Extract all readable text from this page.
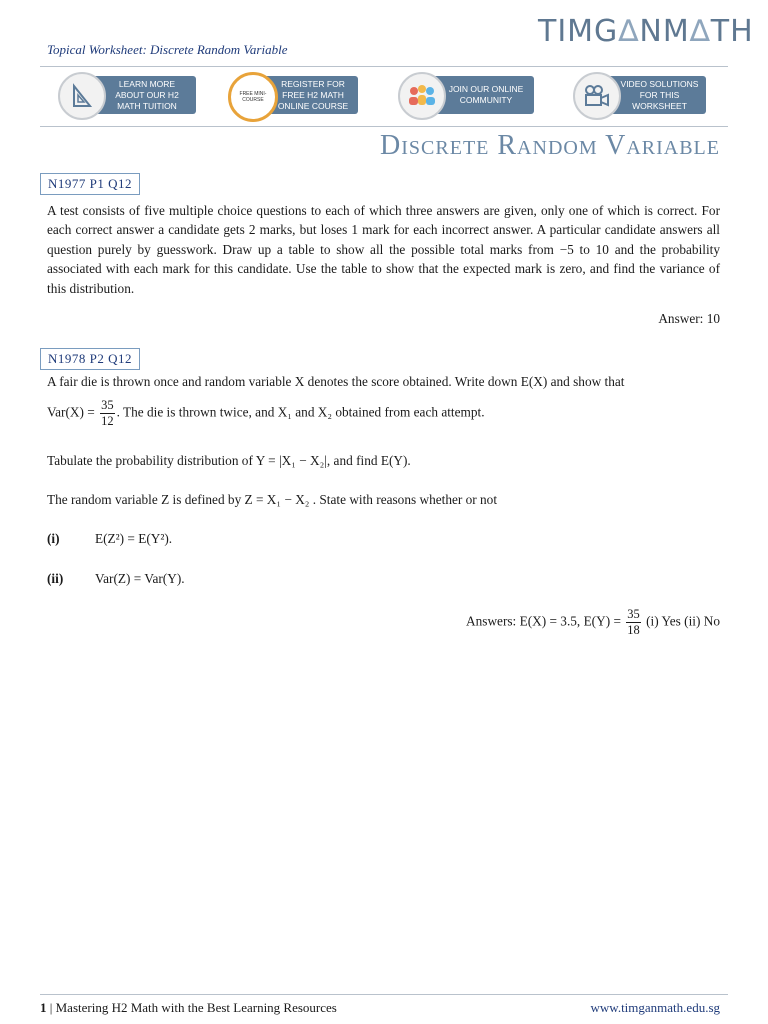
Topical Worksheet: Discrete Random Variable
TIMG∆NM∆TH
LEARN MORE ABOUT OUR H2 MATH TUITION
FREE MINI-COURSE
REGISTER FOR FREE H2 MATH ONLINE COURSE
JOIN OUR ONLINE COMMUNITY
VIDEO SOLUTIONS FOR THIS WORKSHEET
Discrete Random Variable
N1977 P1 Q12
A test consists of five multiple choice questions to each of which three answers are given, only one of which is correct. For each correct answer a candidate gets 2 marks, but loses 1 mark for each incorrect answer. A particular candidate answers all question purely by guesswork. Draw up a table to show all the possible total marks from −5 to 10 and the probability associated with each mark for this candidate. Use the table to show that the expected mark is zero, and find the variance of this distribution.
Answer: 10
N1978 P2 Q12
A fair die is thrown once and random variable X denotes the score obtained. Write down E(X) and show that
$Var(X) = \frac{35}{12}$ . The die is thrown twice, and X₁ and X₂ obtained from each attempt.
Tabulate the probability distribution of Y = |X₁ − X₂|, and find E(Y).
The random variable Z is defined by Z = X₁ − X₂ . State with reasons whether or not
(i)	E(Z²) = E(Y²).
(ii) Var(Z) = Var(Y).
Answers: E(X) = 3.5, $E(Y) = \frac{35}{18} (i)$ Yes (ii) No
1 | Mastering H2 Math with the Best Learning Resources	www.timganmath.edu.sg
